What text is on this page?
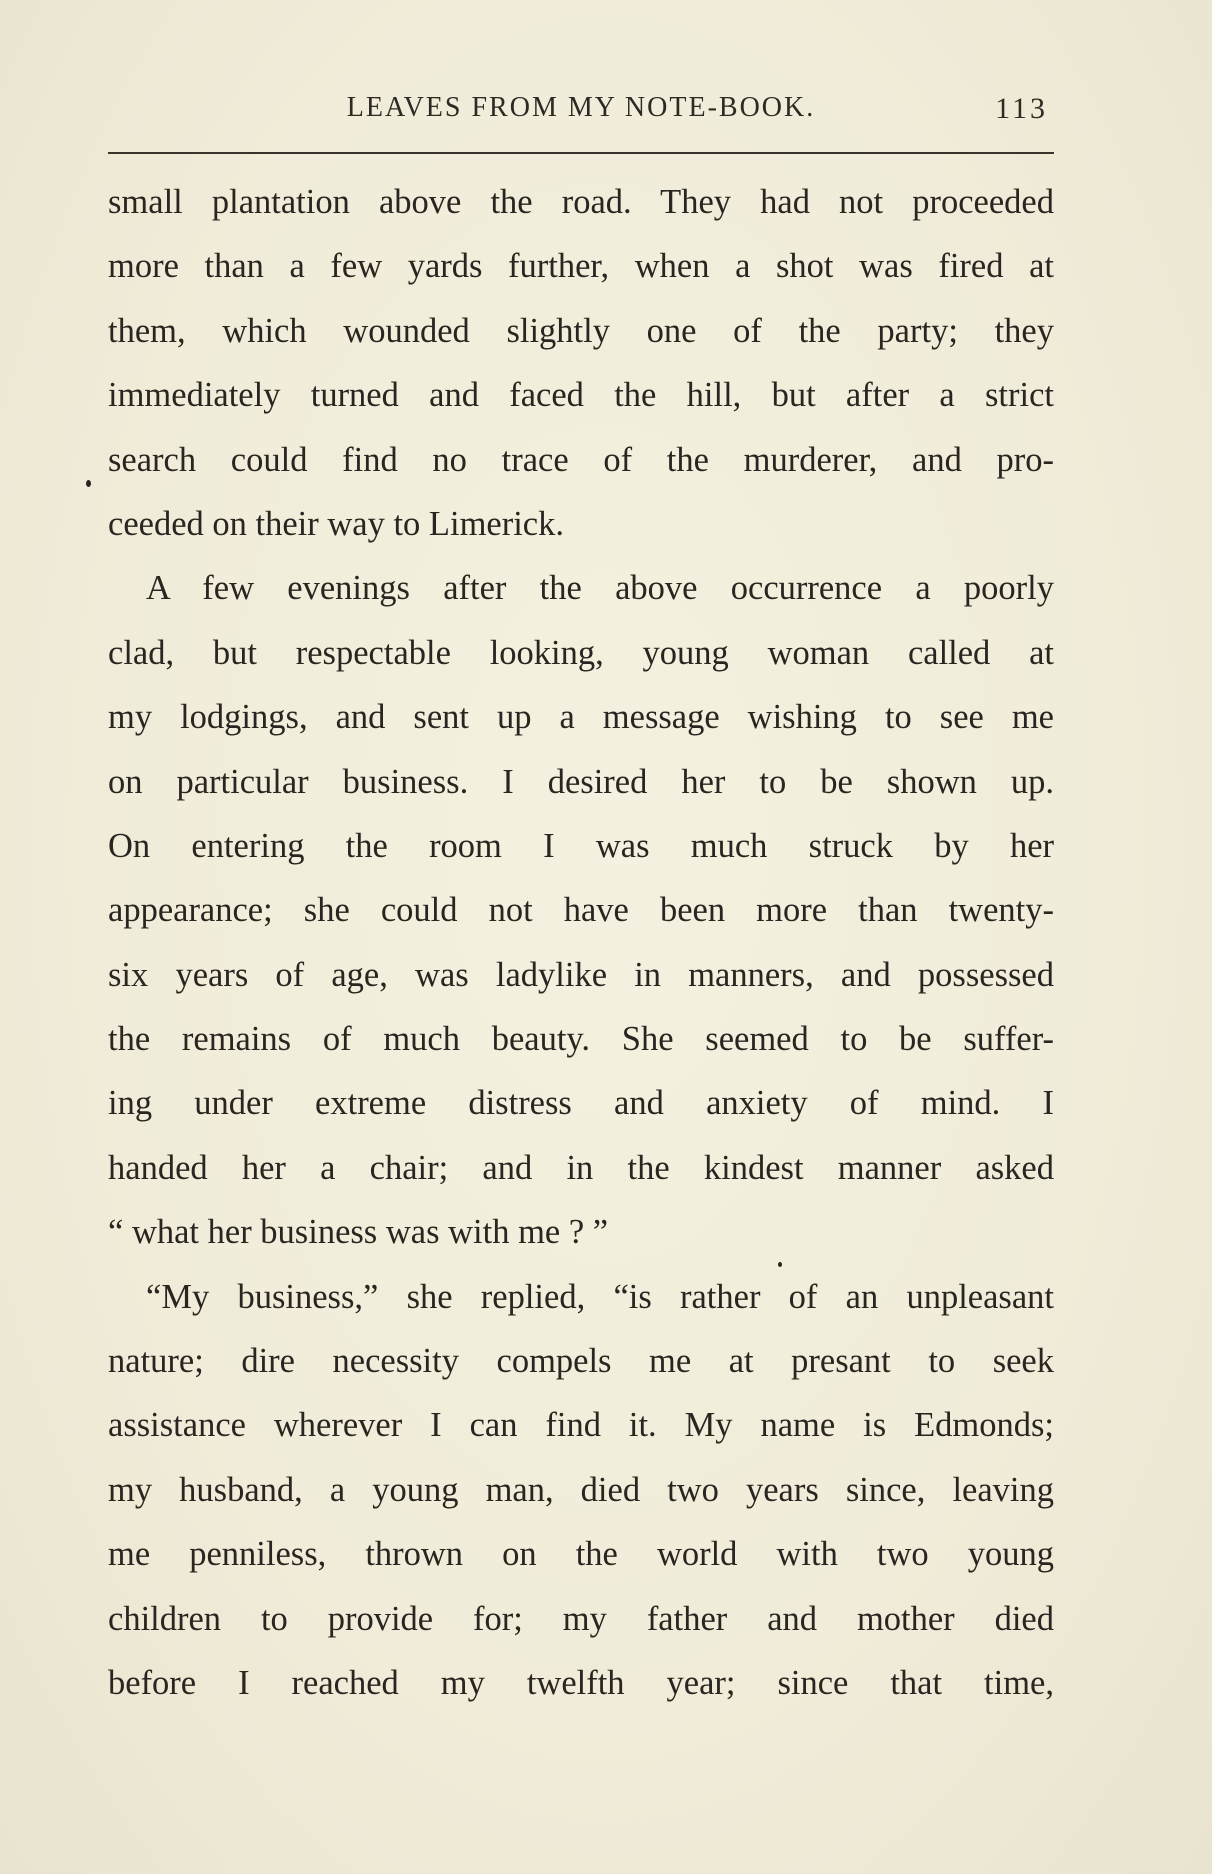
LEAVES FROM MY NOTE-BOOK.	113
small plantation above the road. They had not proceeded
more than a few yards further, when a shot was fired at
them, which wounded slightly one of the party; they
immediately turned and faced the hill, but after a strict
search could find no trace of the murderer, and pro-
ceeded on their way to Limerick.
A few evenings after the above occurrence a poorly
clad, but respectable looking, young woman called at
my lodgings, and sent up a message wishing to see me
on particular business. I desired her to be shown up.
On entering the room I was much struck by her
appearance; she could not have been more than twenty-
six years of age, was ladylike in manners, and possessed
the remains of much beauty. She seemed to be suffer-
ing under extreme distress and anxiety of mind. I
handed her a chair; and in the kindest manner asked
“ what her business was with me ? ”
“My business,” she replied, “is rather of an unpleasant
nature; dire necessity compels me at presant to seek
assistance wherever I can find it. My name is Edmonds;
my husband, a young man, died two years since, leaving
me penniless, thrown on the world with two young
children to provide for; my father and mother died
before I reached my twelfth year; since that time,
